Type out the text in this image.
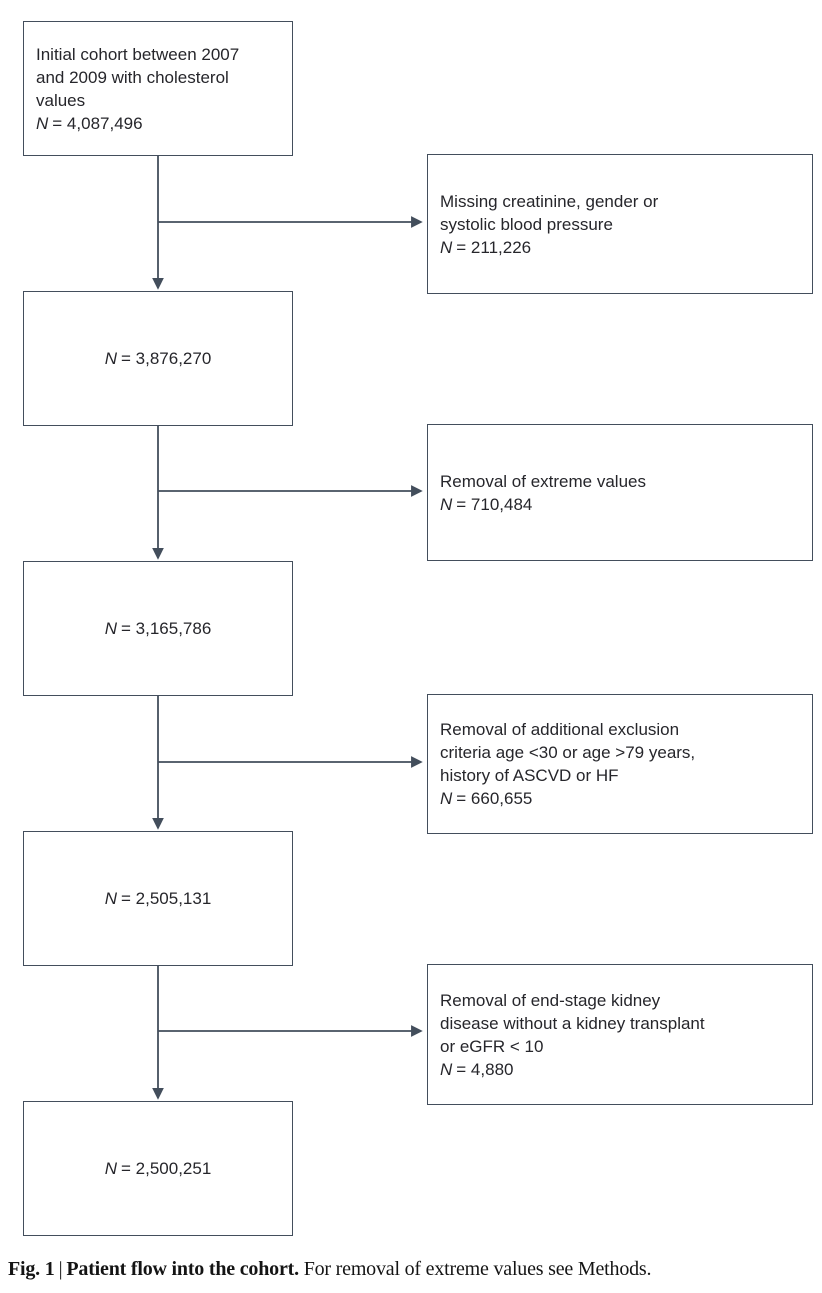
Initial cohort between 2007
and 2009 with cholesterol
values
N = 4,087,496
N = 3,876,270
N = 3,165,786
N = 2,505,131
N = 2,500,251
Missing creatinine, gender or
systolic blood pressure
N = 211,226
Removal of extreme values
N = 710,484
Removal of additional exclusion
criteria age <30 or age >79 years,
history of ASCVD or HF
N = 660,655
Removal of end-stage kidney
disease without a kidney transplant
or eGFR < 10
N = 4,880
Fig. 1 | Patient flow into the cohort. For removal of extreme values see Methods.
